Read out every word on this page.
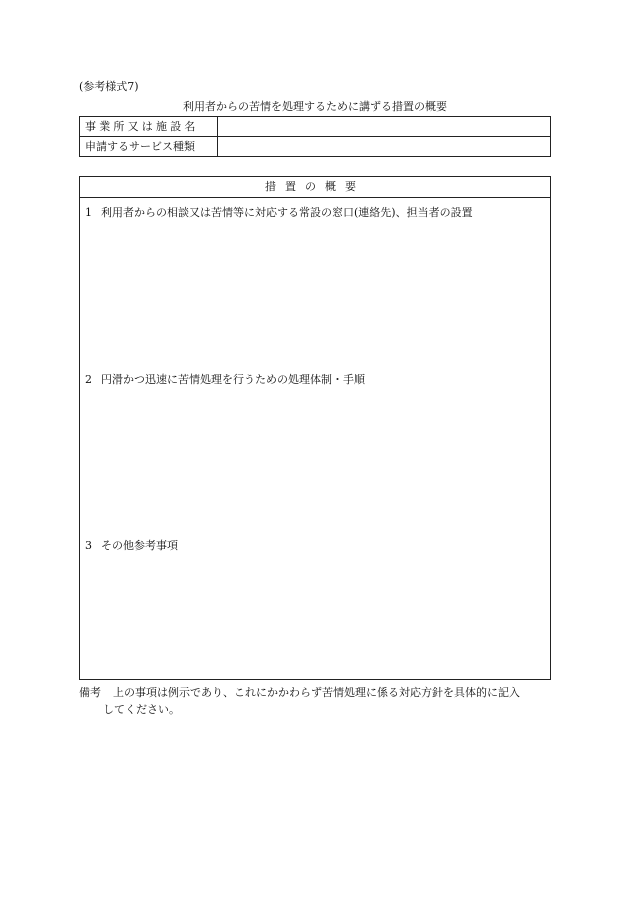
(参考様式7)
利用者からの苦情を処理するために講ずる措置の概要
事業所又は施設名	
申請するサービス種類	
措置の概要
1 利用者からの相談又は苦情等に対応する常設の窓口(連絡先)、担当者の設置
2 円滑かつ迅速に苦情処理を行うための処理体制・手順
3 その他参考事項
備考 上の事項は例示であり、これにかかわらず苦情処理に係る対応方針を具体的に記入
してください。
